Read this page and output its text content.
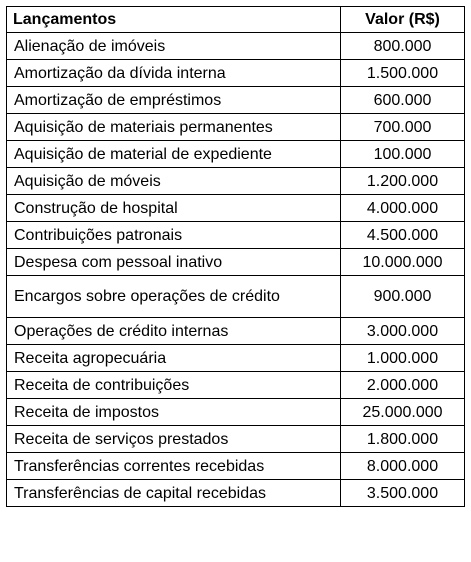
Lançamentos	Valor (R$)
Alienação de imóveis	800.000
Amortização da dívida interna	1.500.000
Amortização de empréstimos	600.000
Aquisição de materiais permanentes	700.000
Aquisição de material de expediente	100.000
Aquisição de móveis	1.200.000
Construção de hospital	4.000.000
Contribuições patronais	4.500.000
Despesa com pessoal inativo	10.000.000
Encargos sobre operações de crédito	900.000
Operações de crédito internas	3.000.000
Receita agropecuária	1.000.000
Receita de contribuições	2.000.000
Receita de impostos	25.000.000
Receita de serviços prestados	1.800.000
Transferências correntes recebidas	8.000.000
Transferências de capital recebidas	3.500.000
